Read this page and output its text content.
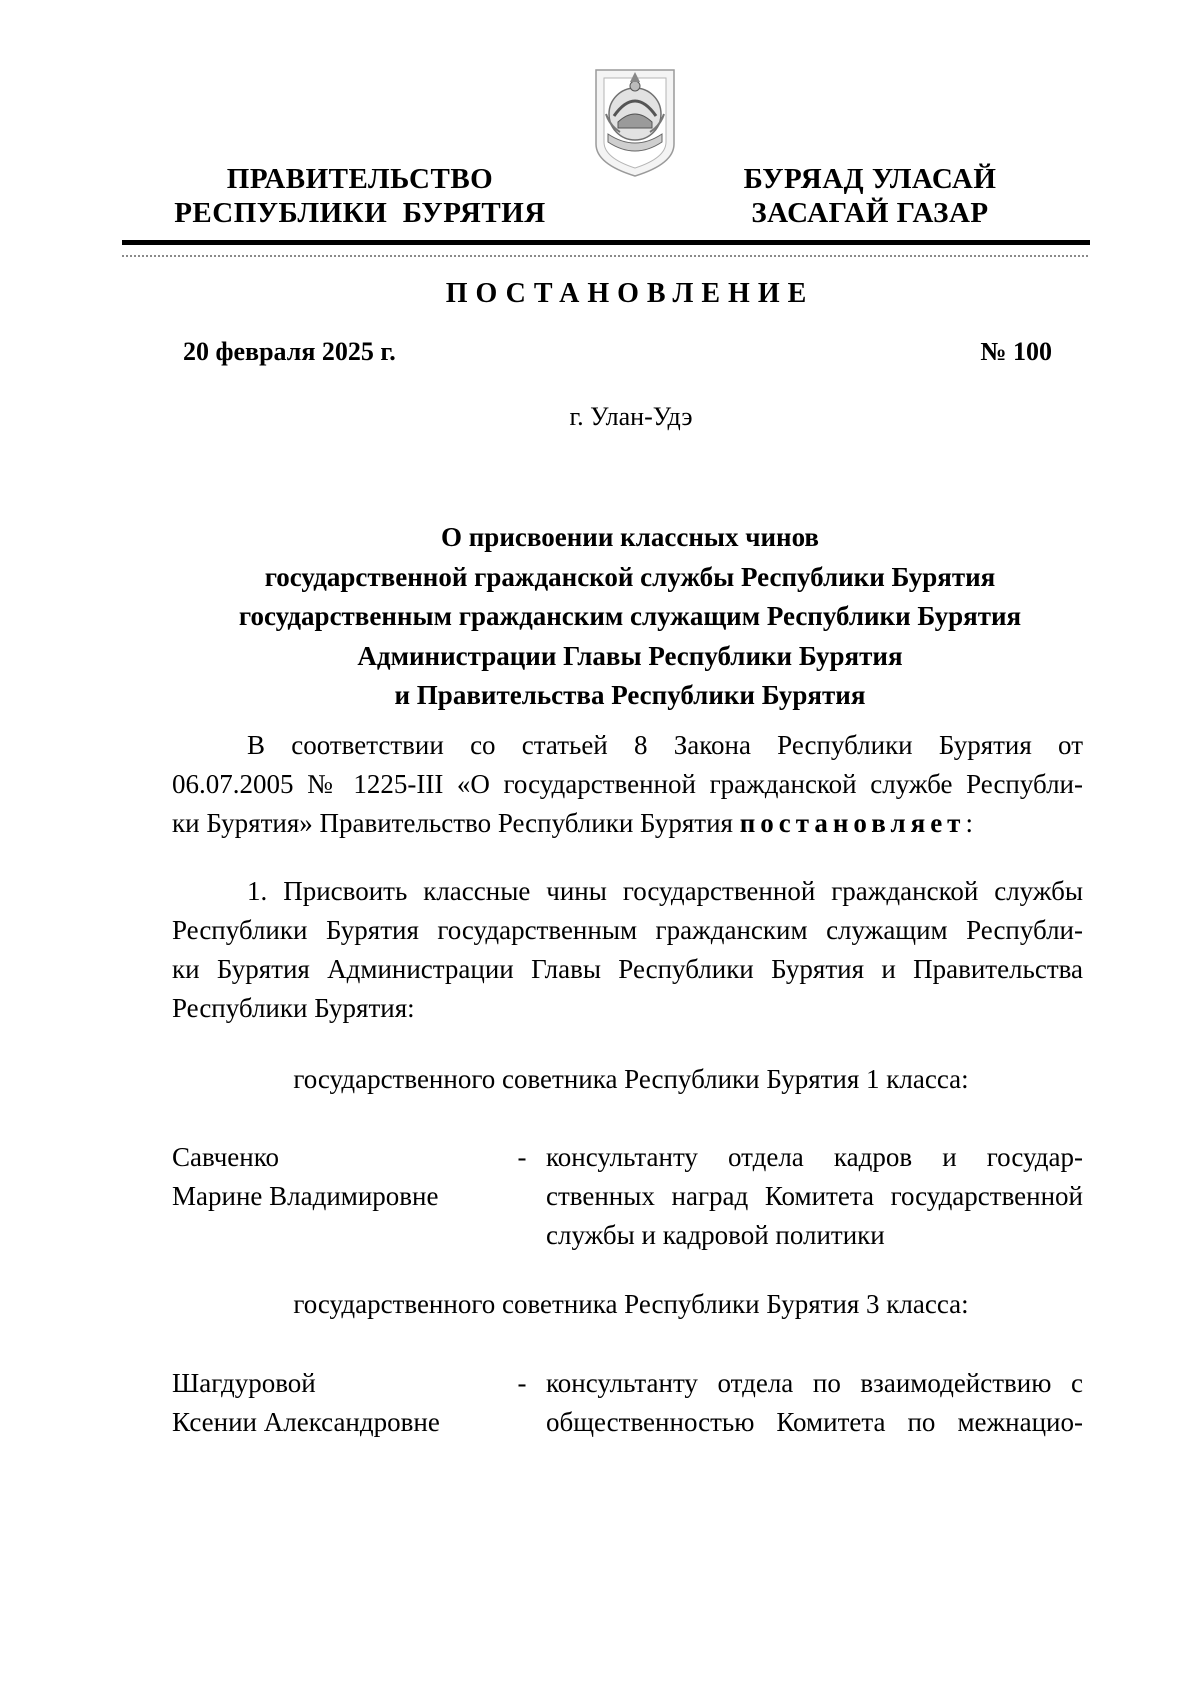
ПРАВИТЕЛЬСТВО
РЕСПУБЛИКИ  БУРЯТИЯ
БУРЯАД УЛАСАЙ
ЗАСАГАЙ ГАЗАР
ПОСТАНОВЛЕНИЕ
20 февраля 2025 г.	№ 100
г. Улан-Удэ
О присвоении классных чинов
государственной гражданской службы Республики Бурятия
государственным гражданским служащим Республики Бурятия
Администрации Главы Республики Бурятия
и Правительства Республики Бурятия
В соответствии со статьей 8 Закона Республики Бурятия от
06.07.2005 № 1225-III «О государственной гражданской службе Республи-
ки Бурятия» Правительство Республики Бурятия постановляет:
1. Присвоить классные чины государственной гражданской службы
Республики Бурятия государственным гражданским служащим Республи-
ки Бурятия Администрации Главы Республики Бурятия и Правительства
Республики Бурятия:
государственного советника Республики Бурятия 1 класса:
Савченко
Марине Владимировне
- консультанту отдела кадров и государ-
ственных наград Комитета государственной
службы и кадровой политики
государственного советника Республики Бурятия 3 класса:
Шагдуровой
Ксении Александровне
- консультанту отдела по взаимодействию с
общественностью Комитета по межнацио-
